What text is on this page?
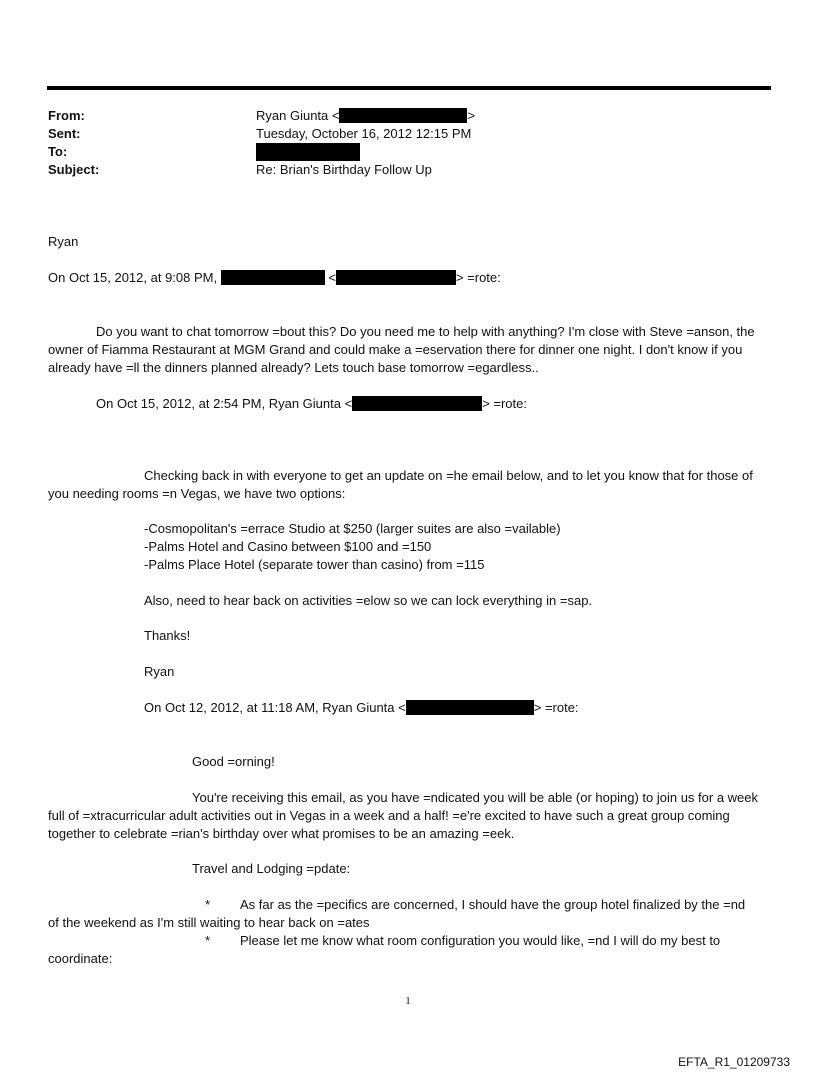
From:	Ryan Giunta <	>
Sent:	Tuesday, October 16, 2012 12:15 PM
To:
Subject:	Re: Brian's Birthday Follow Up
Ryan
On Oct 15, 2012, at 9:08 PM,	<	> =rote:
Do you want to chat tomorrow =bout this? Do you need me to help with anything? I'm close with Steve =anson, the owner of Fiamma Restaurant at MGM Grand and could make a =eservation there for dinner one night. I don't know if you already have =ll the dinners planned already? Lets touch base tomorrow =egardless..
On Oct 15, 2012, at 2:54 PM, Ryan Giunta <	> =rote:
Checking back in with everyone to get an update on =he email below, and to let you know that for those of you needing rooms =n Vegas, we have two options:
-Cosmopolitan's =errace Studio at $250 (larger suites are also =vailable)
-Palms Hotel and Casino between $100 and =150
-Palms Place Hotel (separate tower than casino) from =115
Also, need to hear back on activities =elow so we can lock everything in =sap.
Thanks!
Ryan
On Oct 12, 2012, at 11:18 AM, Ryan Giunta <	> =rote:
Good =orning!
You're receiving this email, as you have =ndicated you will be able (or hoping) to join us for a week full of =xtracurricular adult activities out in Vegas in a week and a half! =e're excited to have such a great group coming together to celebrate =rian's birthday over what promises to be an amazing =eek.
Travel and Lodging =pdate:
* As far as the =pecifics are concerned, I should have the group hotel finalized by the =nd
of the weekend as I'm still waiting to hear back on =ates
* Please let me know what room configuration you would like, =nd I will do my best to
coordinate:
1
EFTA_R1_01209733
